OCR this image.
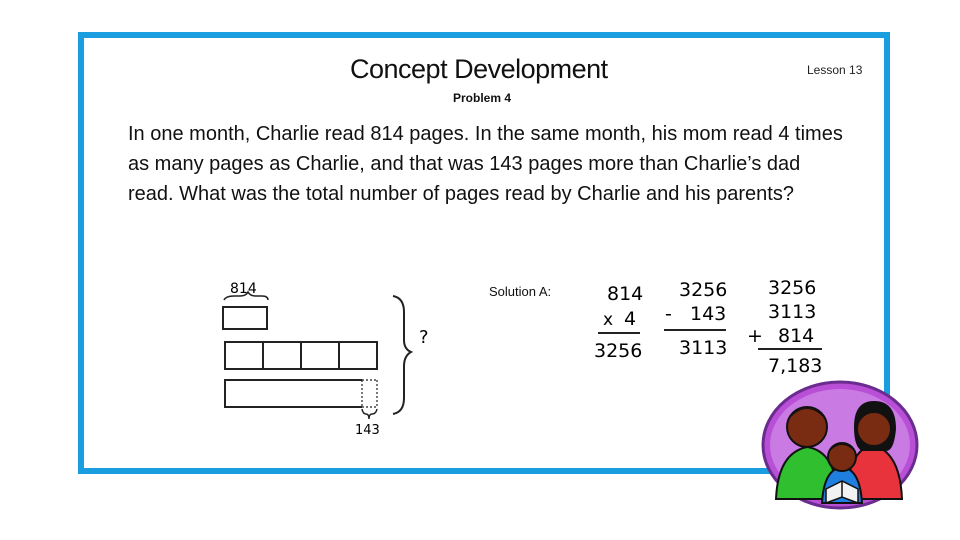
Concept Development	Lesson 13
Problem 4
In one month, Charlie read 814 pages. In the same month, his mom read 4 times as many pages as Charlie, and that was 143 pages more than Charlie’s dad read. What was the total number of pages read by Charlie and his parents?
814
?
143
Solution A:	814
x 4
3256
3256
- 143
3113
3256
3113
+ 814
7,183
